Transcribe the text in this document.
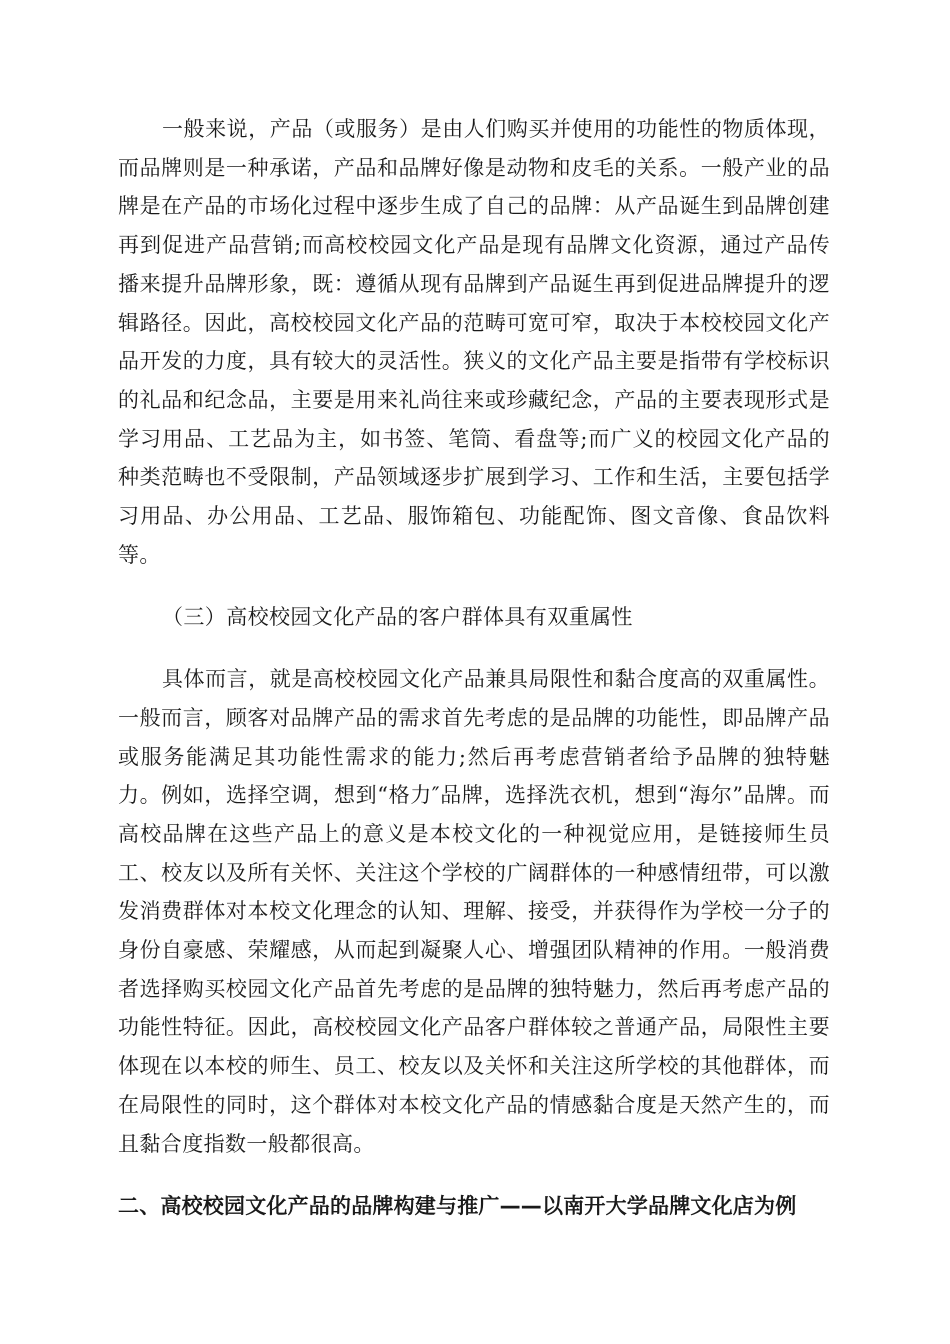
一般来说，产品（或服务）是由人们购买并使用的功能性的物质体现，而品牌则是一种承诺，产品和品牌好像是动物和皮毛的关系。一般产业的品牌是在产品的市场化过程中逐步生成了自己的品牌：从产品诞生到品牌创建再到促进产品营销;而高校校园文化产品是现有品牌文化资源，通过产品传播来提升品牌形象，既：遵循从现有品牌到产品诞生再到促进品牌提升的逻辑路径。因此，高校校园文化产品的范畴可宽可窄，取决于本校校园文化产品开发的力度，具有较大的灵活性。狭义的文化产品主要是指带有学校标识的礼品和纪念品，主要是用来礼尚往来或珍藏纪念，产品的主要表现形式是学习用品、工艺品为主，如书签、笔筒、看盘等;而广义的校园文化产品的种类范畴也不受限制，产品领域逐步扩展到学习、工作和生活，主要包括学习用品、办公用品、工艺品、服饰箱包、功能配饰、图文音像、食品饮料等。

（三）高校校园文化产品的客户群体具有双重属性

具体而言，就是高校校园文化产品兼具局限性和黏合度高的双重属性。一般而言，顾客对品牌产品的需求首先考虑的是品牌的功能性，即品牌产品或服务能满足其功能性需求的能力;然后再考虑营销者给予品牌的独特魅力。例如，选择空调，想到“格力″品牌，选择洗衣机，想到“海尔”品牌。而高校品牌在这些产品上的意义是本校文化的一种视觉应用，是链接师生员工、校友以及所有关怀、关注这个学校的广阔群体的一种感情纽带，可以激发消费群体对本校文化理念的认知、理解、接受，并获得作为学校一分子的身份自豪感、荣耀感，从而起到凝聚人心、增强团队精神的作用。一般消费者选择购买校园文化产品首先考虑的是品牌的独特魅力，然后再考虑产品的功能性特征。因此，高校校园文化产品客户群体较之普通产品，局限性主要体现在以本校的师生、员工、校友以及关怀和关注这所学校的其他群体，而在局限性的同时，这个群体对本校文化产品的情感黏合度是天然产生的，而且黏合度指数一般都很高。

二、高校校园文化产品的品牌构建与推广——以南开大学品牌文化店为例
